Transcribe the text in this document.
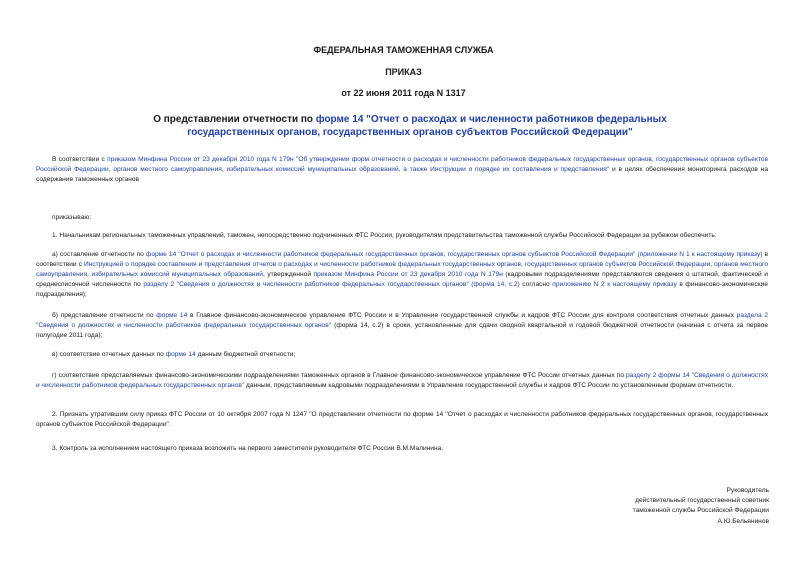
ФЕДЕРАЛЬНАЯ ТАМОЖЕННАЯ СЛУЖБА

ПРИКАЗ

от 22 июня 2011 года N 1317

О представлении отчетности по форме 14 "Отчет о расходах и численности работников федеральных государственных органов, государственных органов субъектов Российской Федерации"

В соответствии с приказом Минфина России от 23 декабря 2010 года N 179н "Об утверждении форм отчетности о расходах и численности работников федеральных государственных органов, государственных органов субъектов Российской Федерации, органов местного самоуправления, избирательных комиссий муниципальных образований, а также Инструкции о порядке их составления и представления" и в целях обеспечения мониторинга расходов на содержание таможенных органов

приказываю:
1. Начальникам региональных таможенных управлений, таможен, непосредственно подчиненных ФТС России, руководителям представительства таможенной службы Российской Федерации за рубежом обеспечить:

а) составление отчетности по форме 14 "Отчет о расходах и численности работников федеральных государственных органов, государственных органов субъектов Российской Федерации" (приложение N 1 к настоящему приказу) в соответствии с Инструкцией о порядке составления и представления отчетов о расходах и численности работников федеральных государственных органов, государственных органов субъектов Российской Федерации, органов местного самоуправления, избирательных комиссий муниципальных образований, утвержденной приказом Минфина России от 23 декабря 2010 года N 179н (кадровыми подразделениями представляются сведения о штатной, фактической и среднесписочной численности по разделу 2 "Сведения о должностях и численности работников федеральных государственных органов" (форма 14, с.2) согласно приложению N 2 к настоящему приказу в финансово-экономические подразделения);

б) представление отчетности по форме 14 в Главное финансово-экономическое управление ФТС России и в Управление государственной службы и кадров ФТС России для контроля соответствия отчетных данных раздела 2 "Сведения о должностях и численности работников федеральных государственных органов" (форма 14, с.2) в сроки, установленные для сдачи сводной квартальной и годовой бюджетной отчетности (начиная с отчета за первое полугодие 2011 года);

в) соответствие отчетных данных по форме 14 данным бюджетной отчетности;

г) соответствие представляемых финансово-экономическими подразделениями таможенных органов в Главное финансово-экономическое управление ФТС России отчетных данных по разделу 2 формы 14 "Сведения о должностях и численности работников федеральных государственных органов" данным, представляемым кадровыми подразделениями в Управление государственной службы и кадров ФТС России по установленным формам отчетности.

2. Признать утратившим силу приказ ФТС России от 10 октября 2007 года N 1247 "О представлении отчетности по форме 14 "Отчет о расходах и численности работников федеральных государственных органов, государственных органов субъектов Российской Федерации".

3. Контроль за исполнением настоящего приказа возложить на первого заместителя руководителя ФТС России В.М.Малинина.

Руководитель
действительный государственный советник
таможенной службы Российской Федерации
А.Ю.Бельянинов
